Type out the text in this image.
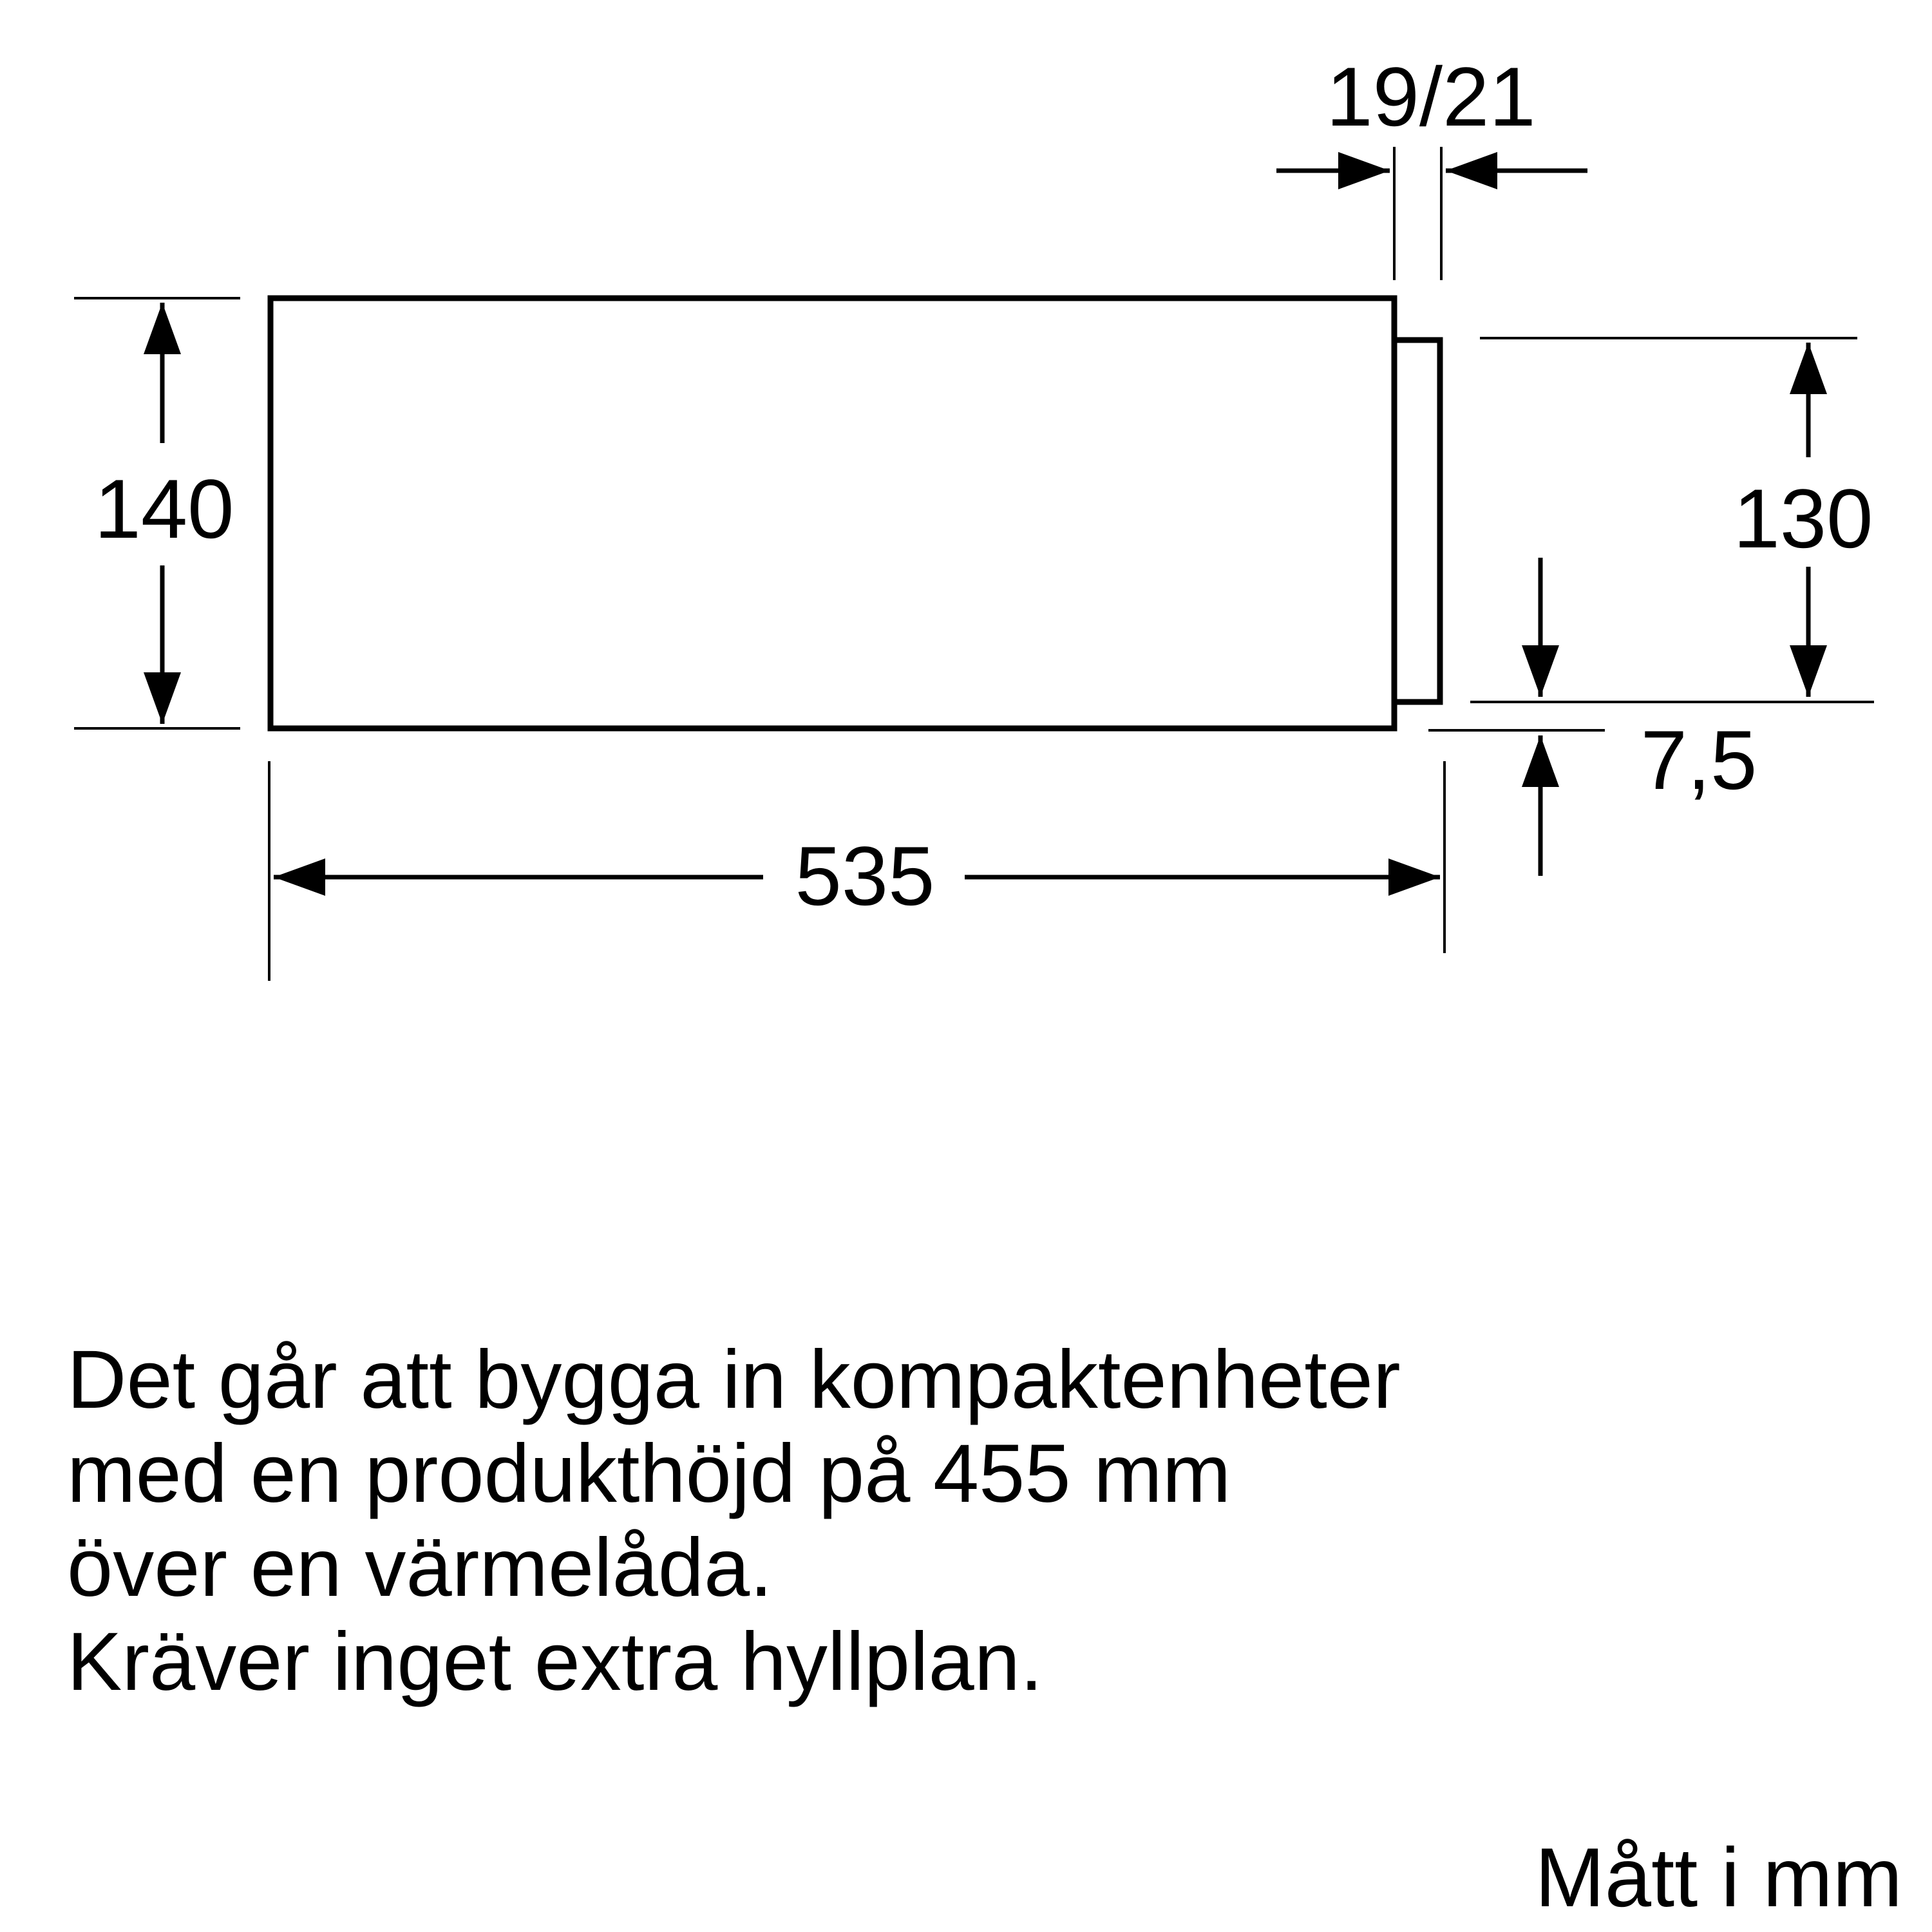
140	130
7,5
535
19/21
Det går att bygga in kompaktenheter
med en produkthöjd på 455 mm
över en värmelåda.
Kräver inget extra hyllplan.
Mått i mm
